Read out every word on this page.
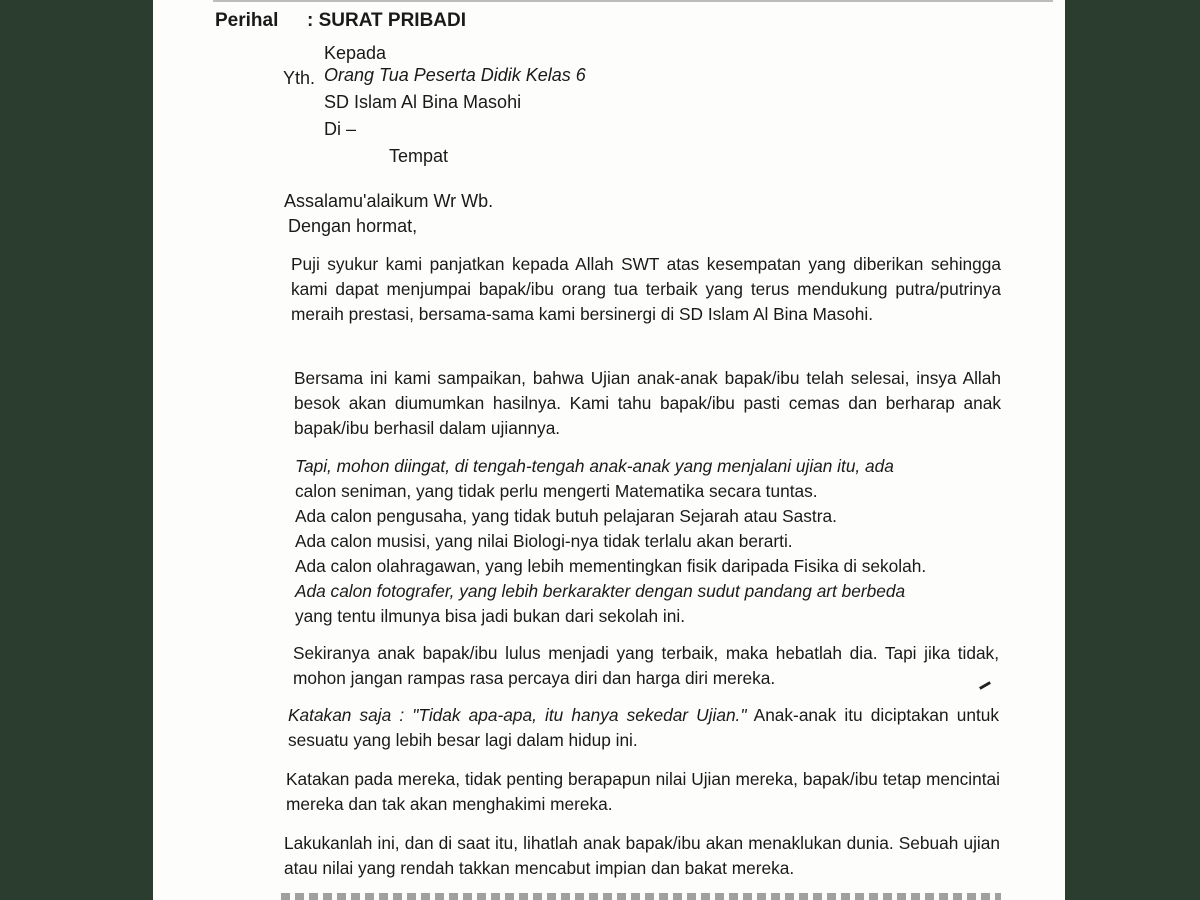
Perihal : SURAT PRIBADI
Kepada
Yth. Orang Tua Peserta Didik Kelas 6
SD Islam Al Bina Masohi
Di –
Tempat
Assalamu'alaikum Wr Wb.
Dengan hormat,

Puji syukur kami panjatkan kepada Allah SWT atas kesempatan yang diberikan sehingga kami dapat menjumpai bapak/ibu orang tua terbaik yang terus mendukung putra/putrinya meraih prestasi, bersama-sama kami bersinergi di SD Islam Al Bina Masohi.

Bersama ini kami sampaikan, bahwa Ujian anak-anak bapak/ibu telah selesai, insya Allah besok akan diumumkan hasilnya. Kami tahu bapak/ibu pasti cemas dan berharap anak bapak/ibu berhasil dalam ujiannya.

Tapi, mohon diingat, di tengah-tengah anak-anak yang menjalani ujian itu, ada
calon seniman, yang tidak perlu mengerti Matematika secara tuntas.
Ada calon pengusaha, yang tidak butuh pelajaran Sejarah atau Sastra.
Ada calon musisi, yang nilai Biologi-nya tidak terlalu akan berarti.
Ada calon olahragawan, yang lebih mementingkan fisik daripada Fisika di sekolah.
Ada calon fotografer, yang lebih berkarakter dengan sudut pandang art berbeda
yang tentu ilmunya bisa jadi bukan dari sekolah ini.

Sekiranya anak bapak/ibu lulus menjadi yang terbaik, maka hebatlah dia. Tapi jika tidak, mohon jangan rampas rasa percaya diri dan harga diri mereka.

Katakan saja : "Tidak apa-apa, itu hanya sekedar Ujian." Anak-anak itu diciptakan untuk sesuatu yang lebih besar lagi dalam hidup ini.

Katakan pada mereka, tidak penting berapapun nilai Ujian mereka, bapak/ibu tetap mencintai mereka dan tak akan menghakimi mereka.

Lakukanlah ini, dan di saat itu, lihatlah anak bapak/ibu akan menaklukan dunia. Sebuah ujian atau nilai yang rendah takkan mencabut impian dan bakat mereka.
